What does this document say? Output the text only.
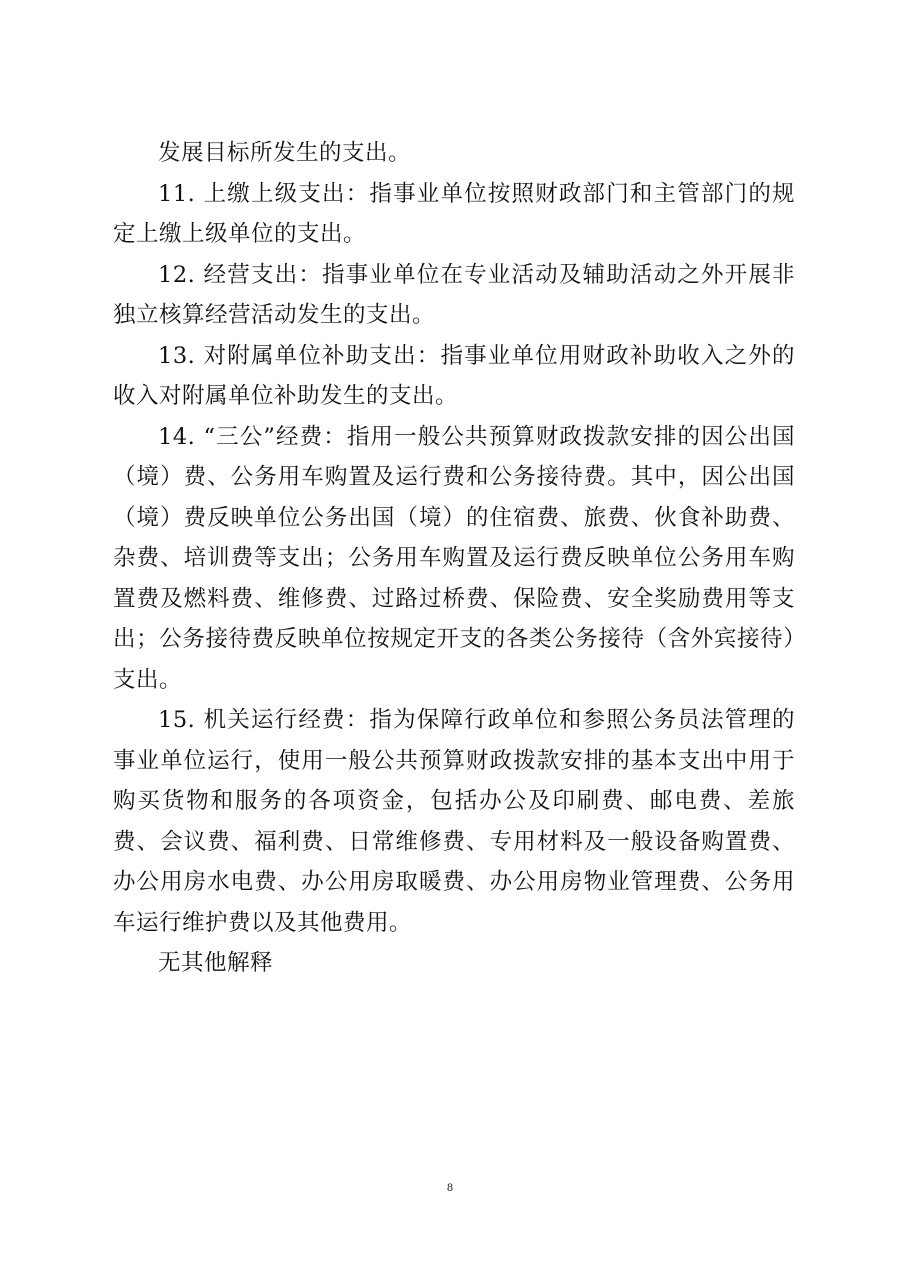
发展目标所发生的支出。

11. 上缴上级支出：指事业单位按照财政部门和主管部门的规定上缴上级单位的支出。

12. 经营支出：指事业单位在专业活动及辅助活动之外开展非独立核算经营活动发生的支出。

13. 对附属单位补助支出：指事业单位用财政补助收入之外的收入对附属单位补助发生的支出。

14. “三公”经费：指用一般公共预算财政拨款安排的因公出国（境）费、公务用车购置及运行费和公务接待费。其中，因公出国（境）费反映单位公务出国（境）的住宿费、旅费、伙食补助费、杂费、培训费等支出；公务用车购置及运行费反映单位公务用车购置费及燃料费、维修费、过路过桥费、保险费、安全奖励费用等支出；公务接待费反映单位按规定开支的各类公务接待（含外宾接待）支出。

15. 机关运行经费：指为保障行政单位和参照公务员法管理的事业单位运行，使用一般公共预算财政拨款安排的基本支出中用于购买货物和服务的各项资金，包括办公及印刷费、邮电费、差旅费、会议费、福利费、日常维修费、专用材料及一般设备购置费、办公用房水电费、办公用房取暖费、办公用房物业管理费、公务用车运行维护费以及其他费用。

无其他解释

8
